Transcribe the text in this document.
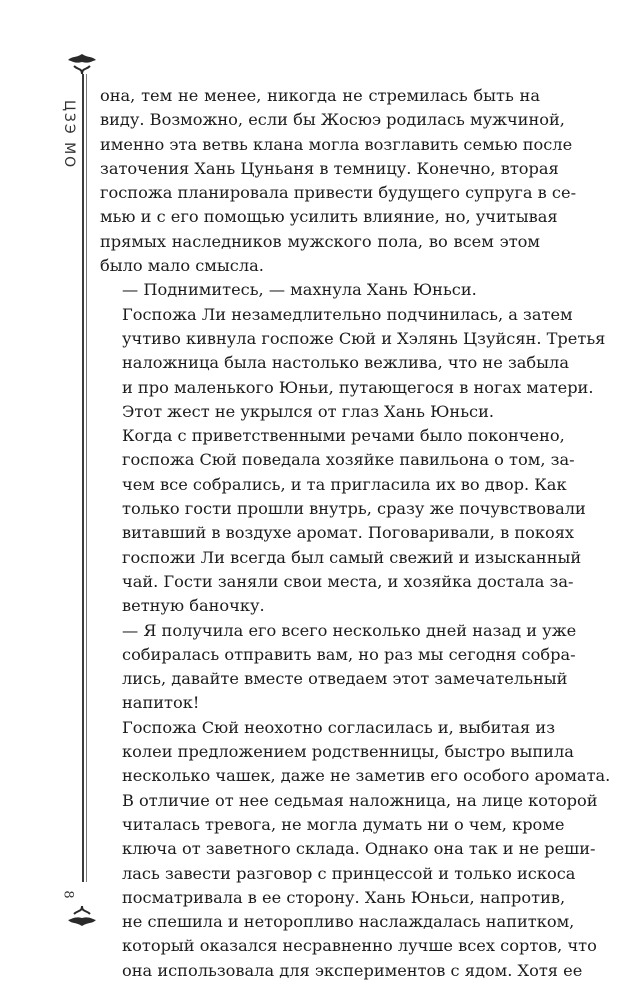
ЦЗЭ МО
8

она, тем не менее, никогда не стремилась быть на
виду. Возможно, если бы Жосюэ родилась мужчиной,
именно эта ветвь клана могла возглавить семью после
заточения Хань Цуньаня в темницу. Конечно, вторая
госпожа планировала привести будущего супруга в се-
мью и с его помощью усилить влияние, но, учитывая
прямых наследников мужского пола, во всем этом
было мало смысла.

— Поднимитесь, — махнула Хань Юньси.

Госпожа Ли незамедлительно подчинилась, а затем
учтиво кивнула госпоже Сюй и Хэлянь Цзуйсян. Третья
наложница была настолько вежлива, что не забыла
и про маленького Юньи, путающегося в ногах матери.
Этот жест не укрылся от глаз Хань Юньси.

Когда с приветственными речами было покончено,
госпожа Сюй поведала хозяйке павильона о том, за-
чем все собрались, и та пригласила их во двор. Как
только гости прошли внутрь, сразу же почувствовали
витавший в воздухе аромат. Поговаривали, в покоях
госпожи Ли всегда был самый свежий и изысканный
чай. Гости заняли свои места, и хозяйка достала за-
ветную баночку.

— Я получила его всего несколько дней назад и уже
собиралась отправить вам, но раз мы сегодня собра-
лись, давайте вместе отведаем этот замечательный
напиток!

Госпожа Сюй неохотно согласилась и, выбитая из
колеи предложением родственницы, быстро выпила
несколько чашек, даже не заметив его особого аромата.
В отличие от нее седьмая наложница, на лице которой
читалась тревога, не могла думать ни о чем, кроме
ключа от заветного склада. Однако она так и не реши-
лась завести разговор с принцессой и только искоса
посматривала в ее сторону. Хань Юньси, напротив,
не спешила и неторопливо наслаждалась напитком,
который оказался несравненно лучше всех сортов, что
она использовала для экспериментов с ядом. Хотя ее
